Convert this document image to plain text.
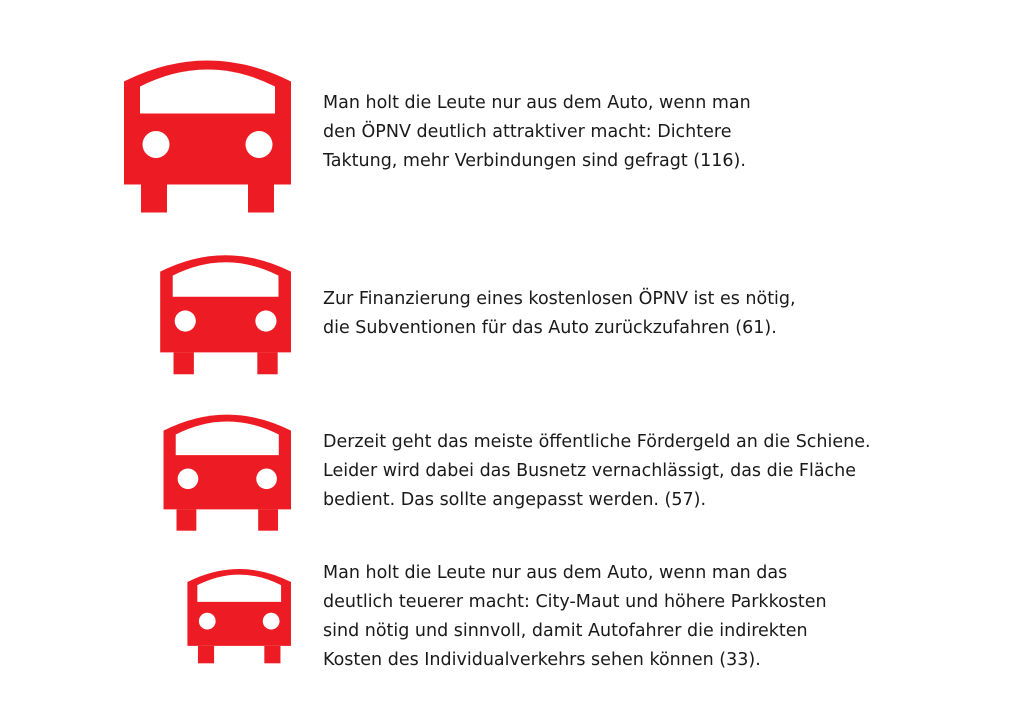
Man holt die Leute nur aus dem Auto, wenn man
den ÖPNV deutlich attraktiver macht: Dichtere
Taktung, mehr Verbindungen sind gefragt (116).

Zur Finanzierung eines kostenlosen ÖPNV ist es nötig,
die Subventionen für das Auto zurückzufahren (61).

Derzeit geht das meiste öffentliche Fördergeld an die Schiene.
Leider wird dabei das Busnetz vernachlässigt, das die Fläche
bedient. Das sollte angepasst werden. (57).

Man holt die Leute nur aus dem Auto, wenn man das
deutlich teuerer macht: City-Maut und höhere Parkkosten
sind nötig und sinnvoll, damit Autofahrer die indirekten
Kosten des Individualverkehrs sehen können (33).
